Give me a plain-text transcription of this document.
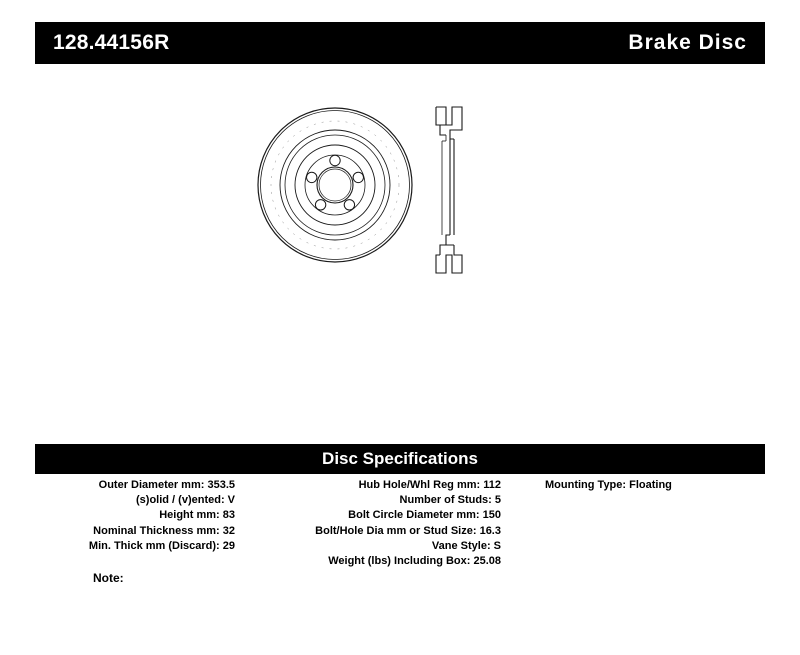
128.44156R	Brake Disc
Disc Specifications
Outer Diameter mm: 353.5
(s)olid / (v)ented: V
Height mm: 83
Nominal Thickness mm: 32
Min. Thick mm (Discard): 29
Hub Hole/Whl Reg mm: 112
Number of Studs: 5
Bolt Circle Diameter mm: 150
Bolt/Hole Dia mm or Stud Size: 16.3
Vane Style: S
Weight (lbs) Including Box: 25.08
Mounting Type: Floating
Note:
